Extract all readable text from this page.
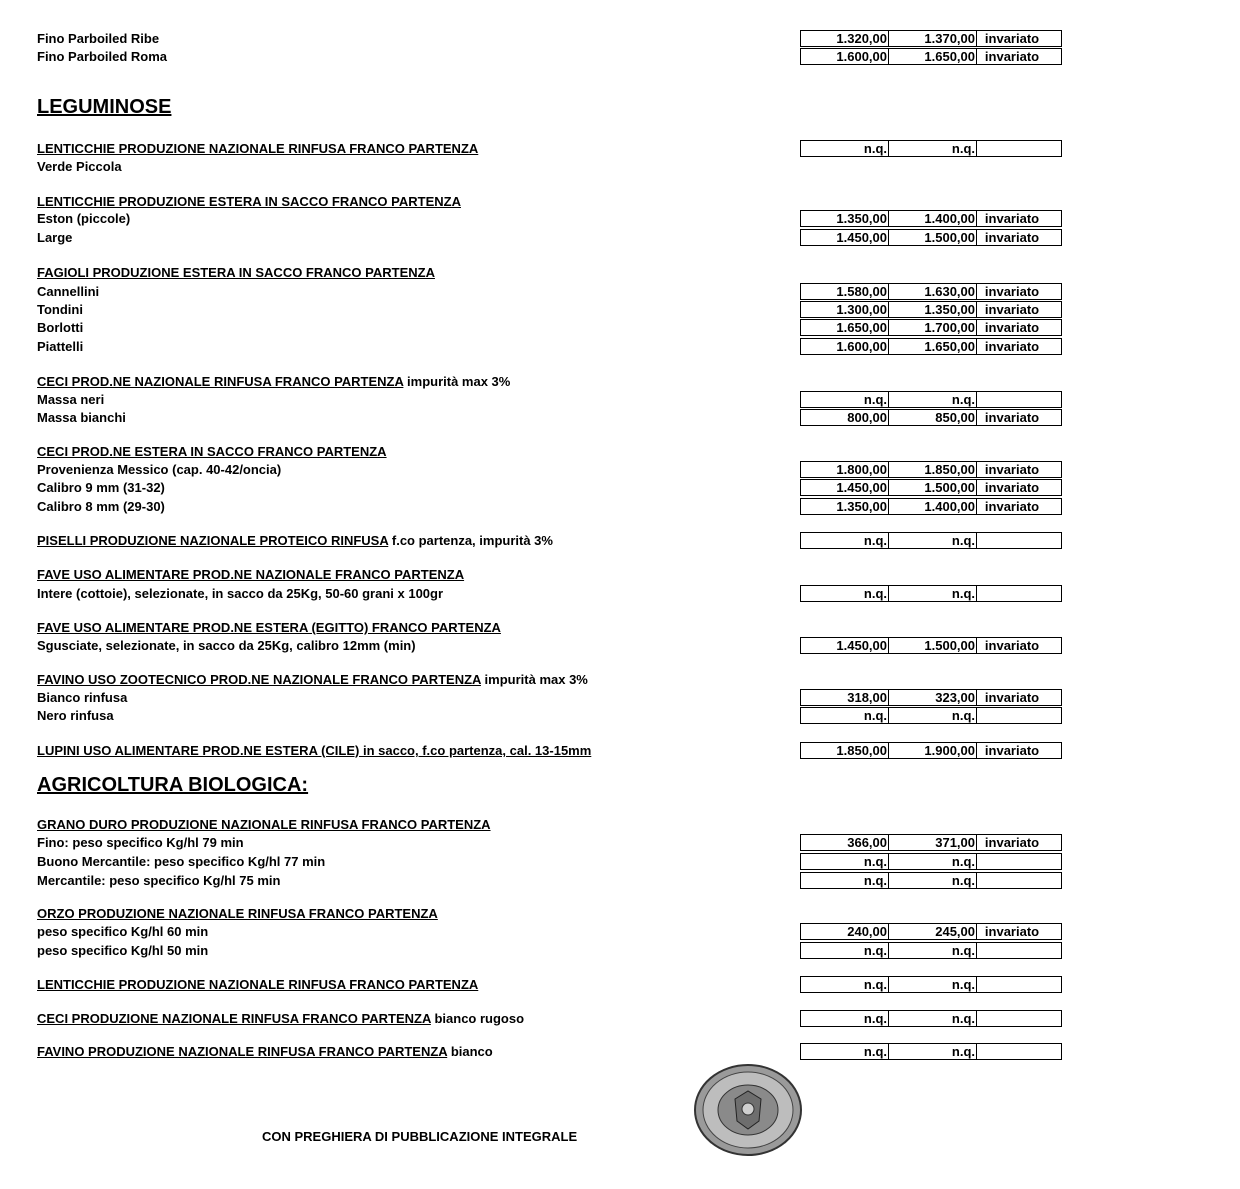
Fino Parboiled Ribe	1.320,00	1.370,00 invariato
Fino Parboiled Roma	1.600,00	1.650,00 invariato
LEGUMINOSE
LENTICCHIE PRODUZIONE NAZIONALE RINFUSA FRANCO PARTENZA	n.q.	n.q.
Verde Piccola
LENTICCHIE PRODUZIONE ESTERA IN SACCO FRANCO PARTENZA
Eston (piccole)	1.350,00	1.400,00 invariato
Large	1.450,00	1.500,00 invariato
FAGIOLI PRODUZIONE ESTERA IN SACCO FRANCO PARTENZA
Cannellini	1.580,00	1.630,00 invariato
Tondini	1.300,00	1.350,00 invariato
Borlotti	1.650,00	1.700,00 invariato
Piattelli	1.600,00	1.650,00 invariato
CECI PROD.NE NAZIONALE RINFUSA FRANCO PARTENZA impurità max 3%
Massa neri	n.q.	n.q.
Massa bianchi	800,00	850,00 invariato
CECI PROD.NE ESTERA IN SACCO FRANCO PARTENZA
Provenienza Messico (cap. 40-42/oncia)	1.800,00	1.850,00 invariato
Calibro 9 mm (31-32)	1.450,00	1.500,00 invariato
Calibro 8 mm (29-30)	1.350,00	1.400,00 invariato
PISELLI PRODUZIONE NAZIONALE PROTEICO RINFUSA f.co partenza, impurità 3%	n.q.	n.q.
FAVE USO ALIMENTARE PROD.NE NAZIONALE FRANCO PARTENZA
Intere (cottoie), selezionate, in sacco da 25Kg, 50-60 grani x 100gr	n.q.	n.q.
FAVE USO ALIMENTARE PROD.NE ESTERA (EGITTO) FRANCO PARTENZA
Sgusciate, selezionate, in sacco da 25Kg, calibro 12mm (min)	1.450,00	1.500,00 invariato
FAVINO USO ZOOTECNICO PROD.NE NAZIONALE FRANCO PARTENZA impurità max 3%
Bianco rinfusa	318,00	323,00 invariato
Nero rinfusa	n.q.	n.q.
LUPINI USO ALIMENTARE PROD.NE ESTERA (CILE) in sacco, f.co partenza, cal. 13-15mm	1.850,00	1.900,00 invariato
AGRICOLTURA BIOLOGICA:
GRANO DURO PRODUZIONE NAZIONALE RINFUSA FRANCO PARTENZA
Fino: peso specifico Kg/hl 79 min	366,00	371,00 invariato
Buono Mercantile: peso specifico Kg/hl 77 min	n.q.	n.q.
Mercantile: peso specifico Kg/hl 75 min	n.q.	n.q.
ORZO PRODUZIONE NAZIONALE RINFUSA FRANCO PARTENZA
peso specifico Kg/hl 60 min	240,00	245,00 invariato
peso specifico Kg/hl 50 min	n.q.	n.q.
LENTICCHIE PRODUZIONE NAZIONALE RINFUSA FRANCO PARTENZA	n.q.	n.q.
CECI PRODUZIONE NAZIONALE RINFUSA FRANCO PARTENZA bianco rugoso	n.q.	n.q.
FAVINO PRODUZIONE NAZIONALE RINFUSA FRANCO PARTENZA bianco	n.q.	n.q.
CON PREGHIERA DI PUBBLICAZIONE INTEGRALE
